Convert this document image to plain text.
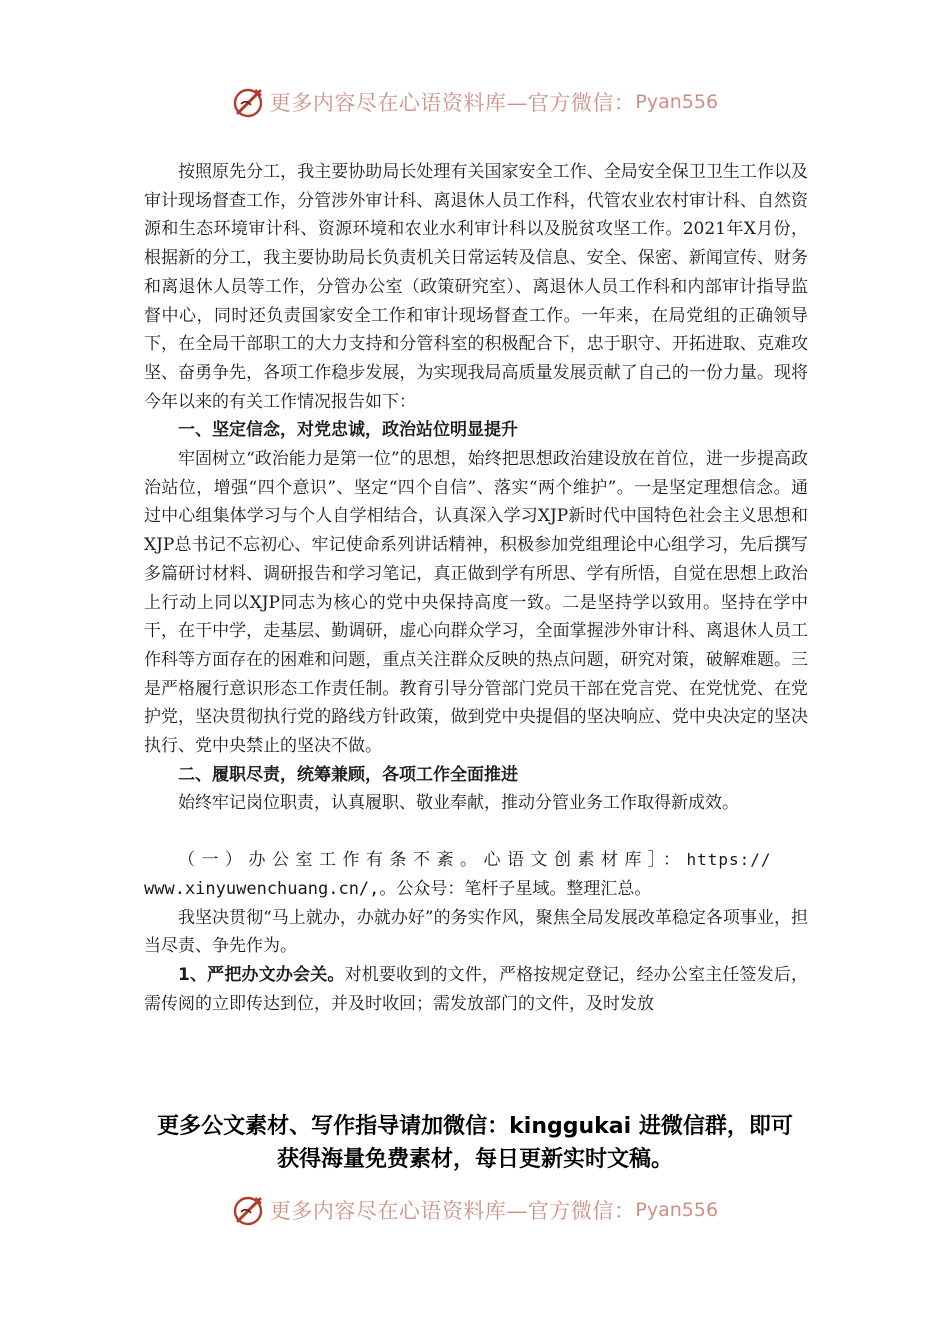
更多内容尽在心语资料库—官方微信： Pyan556

按照原先分工，我主要协助局长处理有关国家安全工作、全局安全保卫卫生工作以及审计现场督查工作，分管涉外审计科、离退休人员工作科，代管农业农村审计科、自然资源和生态环境审计科、资源环境和农业水利审计科以及脱贫攻坚工作。2021年X月份，根据新的分工，我主要协助局长负责机关日常运转及信息、安全、保密、新闻宣传、财务和离退休人员等工作，分管办公室（政策研究室）、离退休人员工作科和内部审计指导监督中心，同时还负责国家安全工作和审计现场督查工作。一年来，在局党组的正确领导下，在全局干部职工的大力支持和分管科室的积极配合下，忠于职守、开拓进取、克难攻坚、奋勇争先，各项工作稳步发展，为实现我局高质量发展贡献了自己的一份力量。现将今年以来的有关工作情况报告如下：

一、坚定信念，对党忠诚，政治站位明显提升

牢固树立“政治能力是第一位”的思想，始终把思想政治建设放在首位，进一步提高政治站位，增强“四个意识”、坚定“四个自信”、落实“两个维护”。一是坚定理想信念。通过中心组集体学习与个人自学相结合，认真深入学习XJP新时代中国特色社会主义思想和XJP总书记不忘初心、牢记使命系列讲话精神，积极参加党组理论中心组学习，先后撰写多篇研讨材料、调研报告和学习笔记，真正做到学有所思、学有所悟，自觉在思想上政治上行动上同以XJP同志为核心的党中央保持高度一致。二是坚持学以致用。坚持在学中干，在干中学，走基层、勤调研，虚心向群众学习，全面掌握涉外审计科、离退休人员工作科等方面存在的困难和问题，重点关注群众反映的热点问题，研究对策，破解难题。三是严格履行意识形态工作责任制。教育引导分管部门党员干部在党言党、在党忧党、在党护党，坚决贯彻执行党的路线方针政策，做到党中央提倡的坚决响应、党中央决定的坚决执行、党中央禁止的坚决不做。

二、履职尽责，统筹兼顾，各项工作全面推进

始终牢记岗位职责，认真履职、敬业奉献，推动分管业务工作取得新成效。

（一）办公室工作有条不紊。心语文创素材库］：https://

www.xinyuwenchuang.cn/,。公众号：笔杆子星域。整理汇总。

我坚决贯彻“马上就办，办就办好”的务实作风，聚焦全局发展改革稳定各项事业，担当尽责、争先作为。

1、严把办文办会关。对机要收到的文件，严格按规定登记，经办公室主任签发后，需传阅的立即传达到位，并及时收回；需发放部门的文件，及时发放

更多公文素材、写作指导请加微信：kinggukai 进微信群，即可
获得海量免费素材，每日更新实时文稿。
更多内容尽在心语资料库—官方微信： Pyan556
